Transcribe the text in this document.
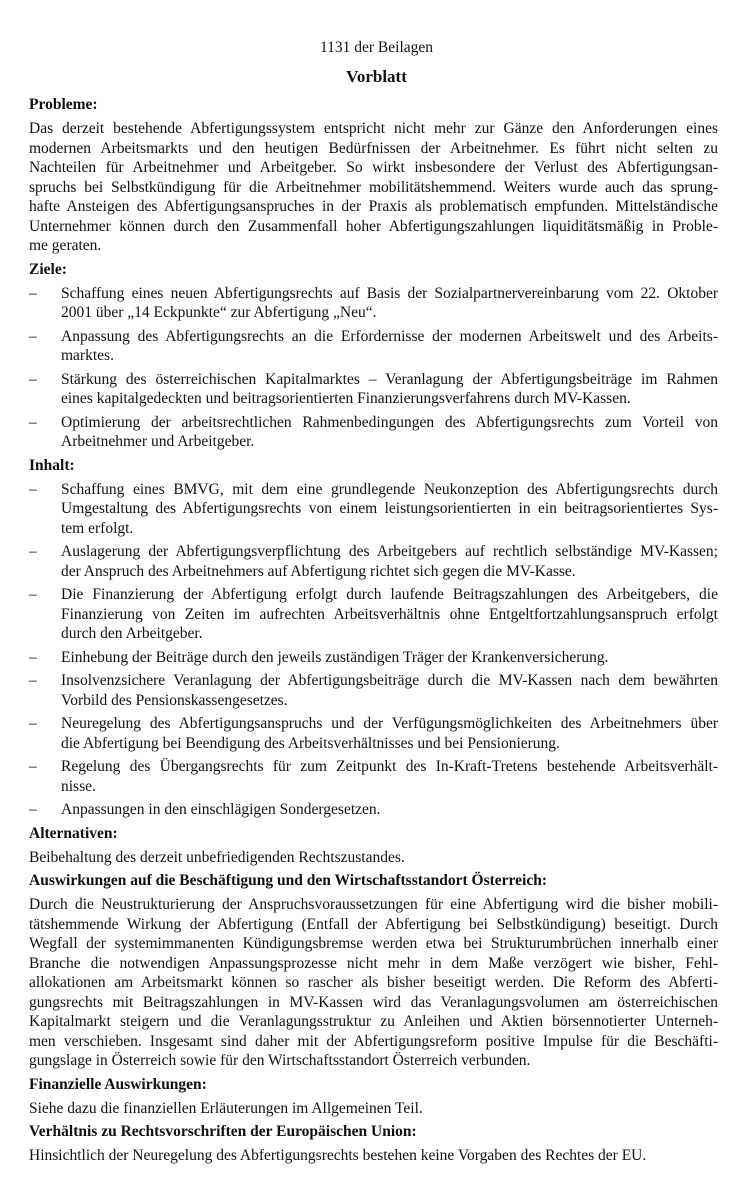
1131 der Beilagen
Vorblatt
Probleme:
Das derzeit bestehende Abfertigungssystem entspricht nicht mehr zur Gänze den Anforderungen eines
modernen Arbeitsmarkts und den heutigen Bedürfnissen der Arbeitnehmer. Es führt nicht selten zu
Nachteilen für Arbeitnehmer und Arbeitgeber. So wirkt insbesondere der Verlust des Abfertigungsan-
spruchs bei Selbstkündigung für die Arbeitnehmer mobilitätshemmend. Weiters wurde auch das sprung-
hafte Ansteigen des Abfertigungsanspruches in der Praxis als problematisch empfunden. Mittelständische
Unternehmer können durch den Zusammenfall hoher Abfertigungszahlungen liquiditätsmäßig in Proble-
me geraten.
Ziele:
–	Schaffung eines neuen Abfertigungsrechts auf Basis der Sozialpartnervereinbarung vom 22. Oktober
2001 über „14 Eckpunkte“ zur Abfertigung „Neu“.
–	Anpassung des Abfertigungsrechts an die Erfordernisse der modernen Arbeitswelt und des Arbeits-
marktes.
–	Stärkung des österreichischen Kapitalmarktes – Veranlagung der Abfertigungsbeiträge im Rahmen
eines kapitalgedeckten und beitragsorientierten Finanzierungsverfahrens durch MV-Kassen.
–	Optimierung der arbeitsrechtlichen Rahmenbedingungen des Abfertigungsrechts zum Vorteil von
Arbeitnehmer und Arbeitgeber.
Inhalt:
–	Schaffung eines BMVG, mit dem eine grundlegende Neukonzeption des Abfertigungsrechts durch
Umgestaltung des Abfertigungsrechts von einem leistungsorientierten in ein beitragsorientiertes Sys-
tem erfolgt.
–	Auslagerung der Abfertigungsverpflichtung des Arbeitgebers auf rechtlich selbständige MV-Kassen;
der Anspruch des Arbeitnehmers auf Abfertigung richtet sich gegen die MV-Kasse.
–	Die Finanzierung der Abfertigung erfolgt durch laufende Beitragszahlungen des Arbeitgebers, die
Finanzierung von Zeiten im aufrechten Arbeitsverhältnis ohne Entgeltfortzahlungsanspruch erfolgt
durch den Arbeitgeber.
–	Einhebung der Beiträge durch den jeweils zuständigen Träger der Krankenversicherung.
–	Insolvenzsichere Veranlagung der Abfertigungsbeiträge durch die MV-Kassen nach dem bewährten
Vorbild des Pensionskassengesetzes.
–	Neuregelung des Abfertigungsanspruchs und der Verfügungsmöglichkeiten des Arbeitnehmers über
die Abfertigung bei Beendigung des Arbeitsverhältnisses und bei Pensionierung.
–	Regelung des Übergangsrechts für zum Zeitpunkt des In-Kraft-Tretens bestehende Arbeitsverhält-
nisse.
–	Anpassungen in den einschlägigen Sondergesetzen.
Alternativen:
Beibehaltung des derzeit unbefriedigenden Rechtszustandes.
Auswirkungen auf die Beschäftigung und den Wirtschaftsstandort Österreich:
Durch die Neustrukturierung der Anspruchsvoraussetzungen für eine Abfertigung wird die bisher mobili-
tätshemmende Wirkung der Abfertigung (Entfall der Abfertigung bei Selbstkündigung) beseitigt. Durch
Wegfall der systemimmanenten Kündigungsbremse werden etwa bei Strukturumbrüchen innerhalb einer
Branche die notwendigen Anpassungsprozesse nicht mehr in dem Maße verzögert wie bisher, Fehl-
allokationen am Arbeitsmarkt können so rascher als bisher beseitigt werden. Die Reform des Abferti-
gungsrechts mit Beitragszahlungen in MV-Kassen wird das Veranlagungsvolumen am österreichischen
Kapitalmarkt steigern und die Veranlagungsstruktur zu Anleihen und Aktien börsennotierter Unterneh-
men verschieben. Insgesamt sind daher mit der Abfertigungsreform positive Impulse für die Beschäfti-
gungslage in Österreich sowie für den Wirtschaftsstandort Österreich verbunden.
Finanzielle Auswirkungen:
Siehe dazu die finanziellen Erläuterungen im Allgemeinen Teil.
Verhältnis zu Rechtsvorschriften der Europäischen Union:
Hinsichtlich der Neuregelung des Abfertigungsrechts bestehen keine Vorgaben des Rechtes der EU.
